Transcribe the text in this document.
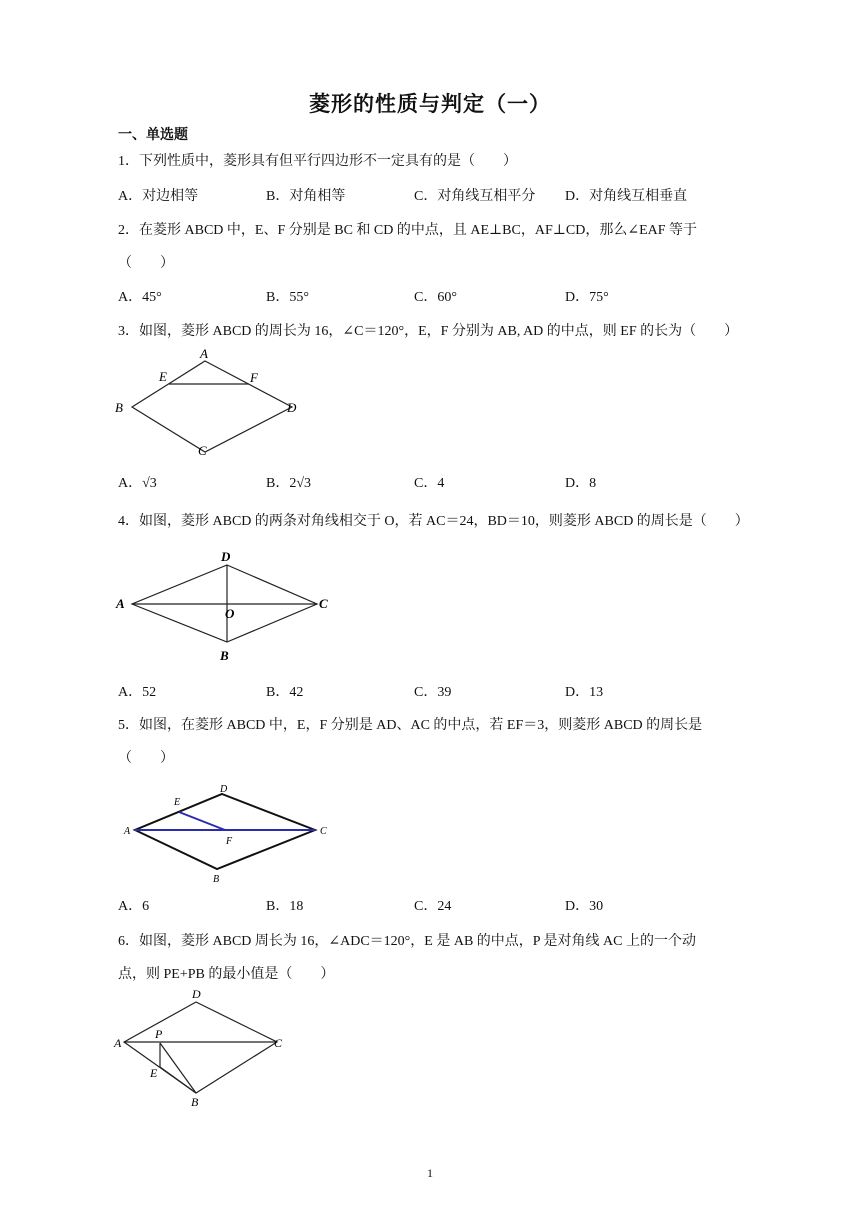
菱形的性质与判定（一）
一、单选题
1．下列性质中，菱形具有但平行四边形不一定具有的是（　　）
A．对边相等	B．对角相等	C．对角线互相平分 D．对角线互相垂直
2．在菱形 ABCD 中，E、F 分别是 BC 和 CD 的中点，且 AE⊥BC，AF⊥CD，那么∠EAF 等于
（　　）
A．45°	B．55°	C．60°	D．75°
3．如图，菱形 ABCD 的周长为 16，∠C＝120°，E，F 分别为 AB, AD 的中点，则 EF 的长为（　　）
A
E	F
B	D
C
A．√3	B．2√3	C．4	D．8
4．如图，菱形 ABCD 的两条对角线相交于 O，若 AC＝24，BD＝10，则菱形 ABCD 的周长是（　　）
D
A
O
C
B
A．52	B．42	C．39	D．13
5．如图，在菱形 ABCD 中，E，F 分别是 AD、AC 的中点，若 EF＝3，则菱形 ABCD 的周长是
（　　）
E
D
A
F
C
B
A．6	B．18	C．24	D．30
6．如图，菱形 ABCD 周长为 16，∠ADC＝120°，E 是 AB 的中点，P 是对角线 AC 上的一个动
点，则 PE+PB 的最小值是（　　）
D
A
P
C
E
B
1
